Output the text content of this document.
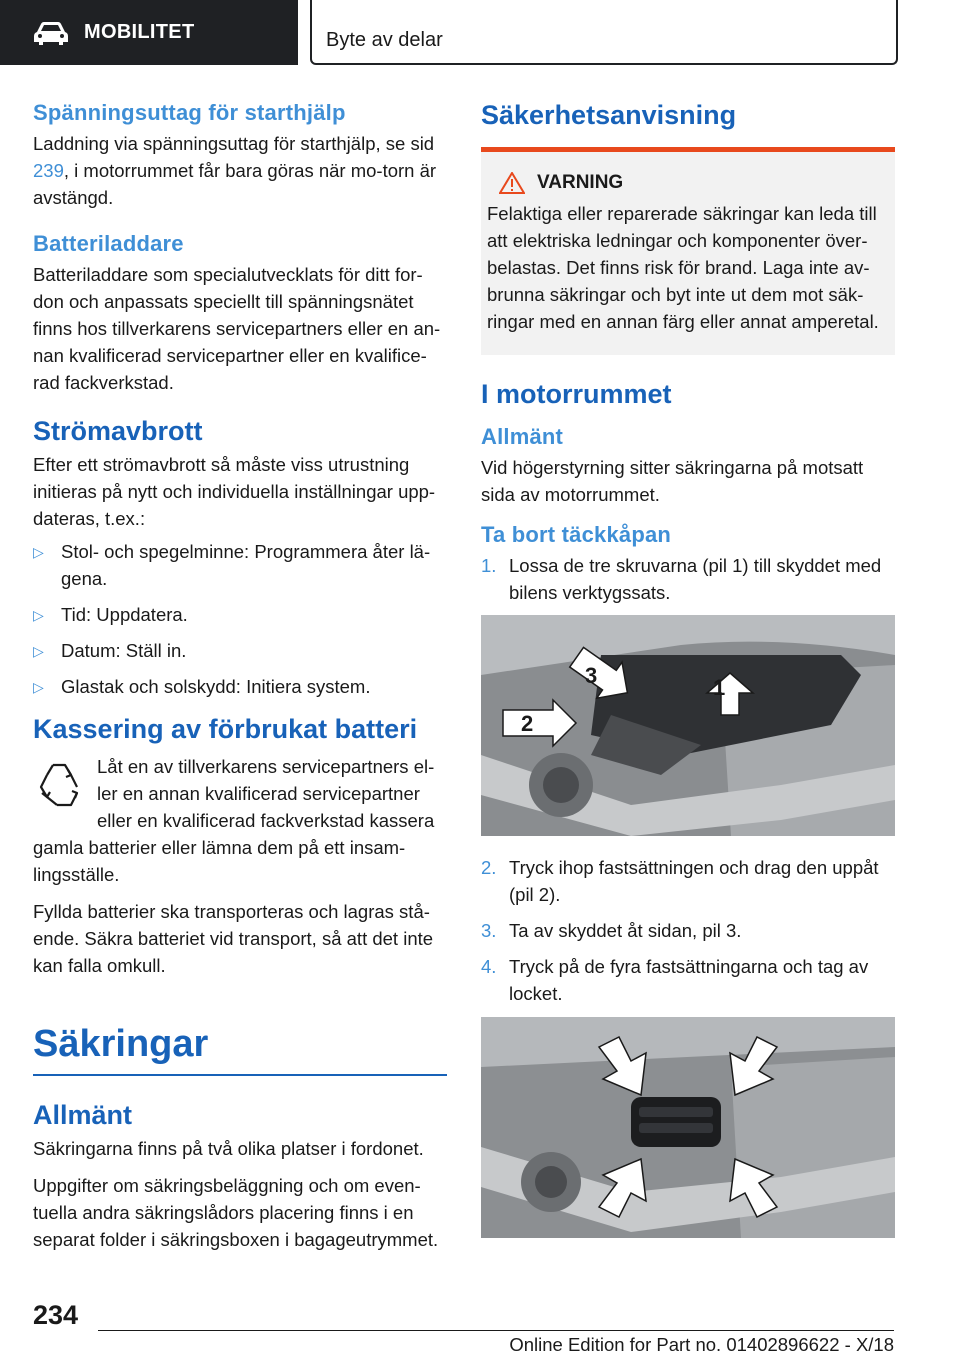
MOBILITET	Byte av delar
Spänningsuttag för starthjälp

Laddning via spänningsuttag för starthjälp, se sid 239, i motorrummet får bara göras när mo-torn är avstängd.

Batteriladdare

Batteriladdare som specialutvecklats för ditt for-don och anpassats speciellt till spänningsnätet finns hos tillverkarens servicepartners eller en an-nan kvalificerad servicepartner eller en kvalifice-rad fackverkstad.

Strömavbrott

Efter ett strömavbrott så måste viss utrustning initieras på nytt och individuella inställningar upp-dateras, t.ex.:

▷ Stol- och spegelminne: Programmera åter lä-gena.
▷ Tid: Uppdatera.
▷ Datum: Ställ in.
▷ Glastak och solskydd: Initiera system.
Kassering av förbrukat batteri

Låt en av tillverkarens servicepartners el-ler en annan kvalificerad servicepartner eller en kvalificerad fackverkstad kassera gamla batterier eller lämna dem på ett insam-lingsställe.

Fyllda batterier ska transporteras och lagras stå-ende. Säkra batteriet vid transport, så att det inte kan falla omkull.

Säkringar
Allmänt

Säkringarna finns på två olika platser i fordonet.

Uppgifter om säkringsbeläggning och om even-tuella andra säkringslådors placering finns i en separat folder i säkringsboxen i bagageutrymmet.

Säkerhetsanvisning
VARNING

Felaktiga eller reparerade säkringar kan leda till att elektriska ledningar och komponenter över-belastas. Det finns risk för brand. Laga inte av-brunna säkringar och byt inte ut dem mot säk-ringar med en annan färg eller annat amperetal.

I motorrummet
Allmänt

Vid högerstyrning sitter säkringarna på motsatt sida av motorrummet.

Ta bort täckkåpan
1. Lossa de tre skruvarna (pil 1) till skyddet med bilens verktygssats.
1
2
3
2. Tryck ihop fastsättningen och drag den uppåt (pil 2).
3. Ta av skyddet åt sidan, pil 3.
4. Tryck på de fyra fastsättningarna och tag av locket.
234
Online Edition for Part no. 01402896622 - X/18
